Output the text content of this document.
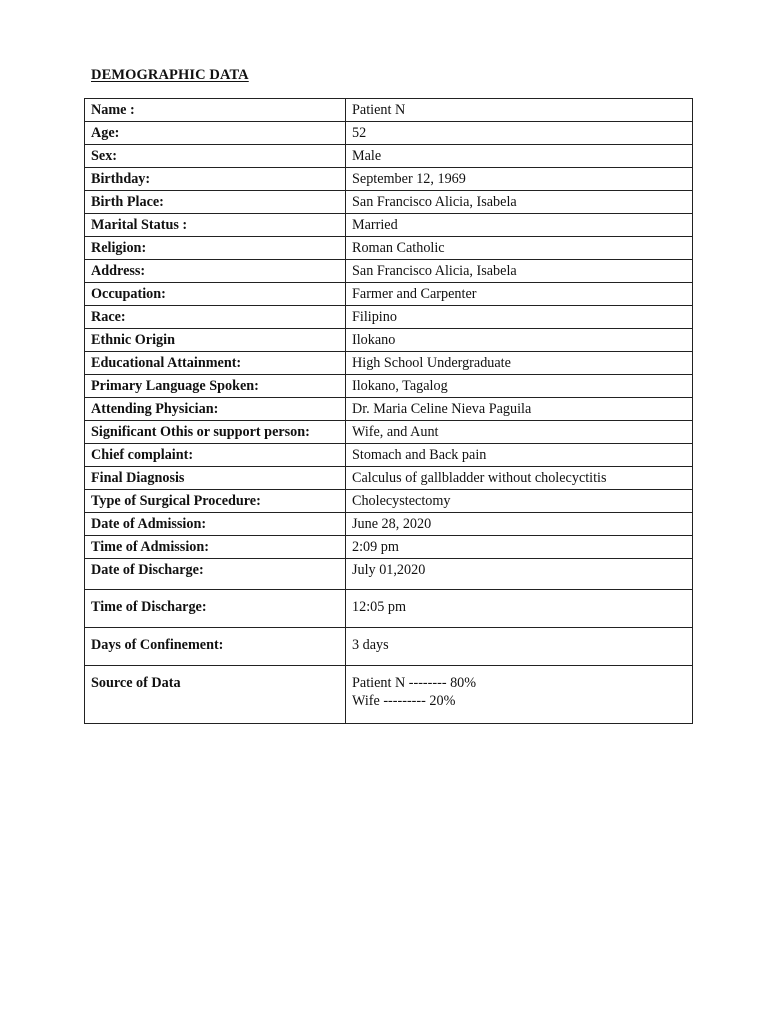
DEMOGRAPHIC DATA
Name :	Patient N
Age:	52
Sex:	Male
Birthday:	September 12, 1969
Birth Place:	San Francisco Alicia, Isabela
Marital Status :	Married
Religion:	Roman Catholic
Address:	San Francisco Alicia, Isabela
Occupation:	Farmer and Carpenter
Race:	Filipino
Ethnic Origin	Ilokano
Educational Attainment:	High School Undergraduate
Primary Language Spoken:	Ilokano, Tagalog
Attending Physician:	Dr. Maria Celine Nieva Paguila
Significant Othis or support person:	Wife, and Aunt
Chief complaint:	Stomach and Back pain
Final Diagnosis	Calculus of gallbladder without cholecyctitis
Type of Surgical Procedure:	Cholecystectomy
Date of Admission:	June 28, 2020
Time of Admission:	2:09 pm
Date of Discharge:	July 01,2020
Time of Discharge:	12:05 pm
Days of Confinement:	3 days
Source of Data	Patient N -------- 80%
Wife --------- 20%
